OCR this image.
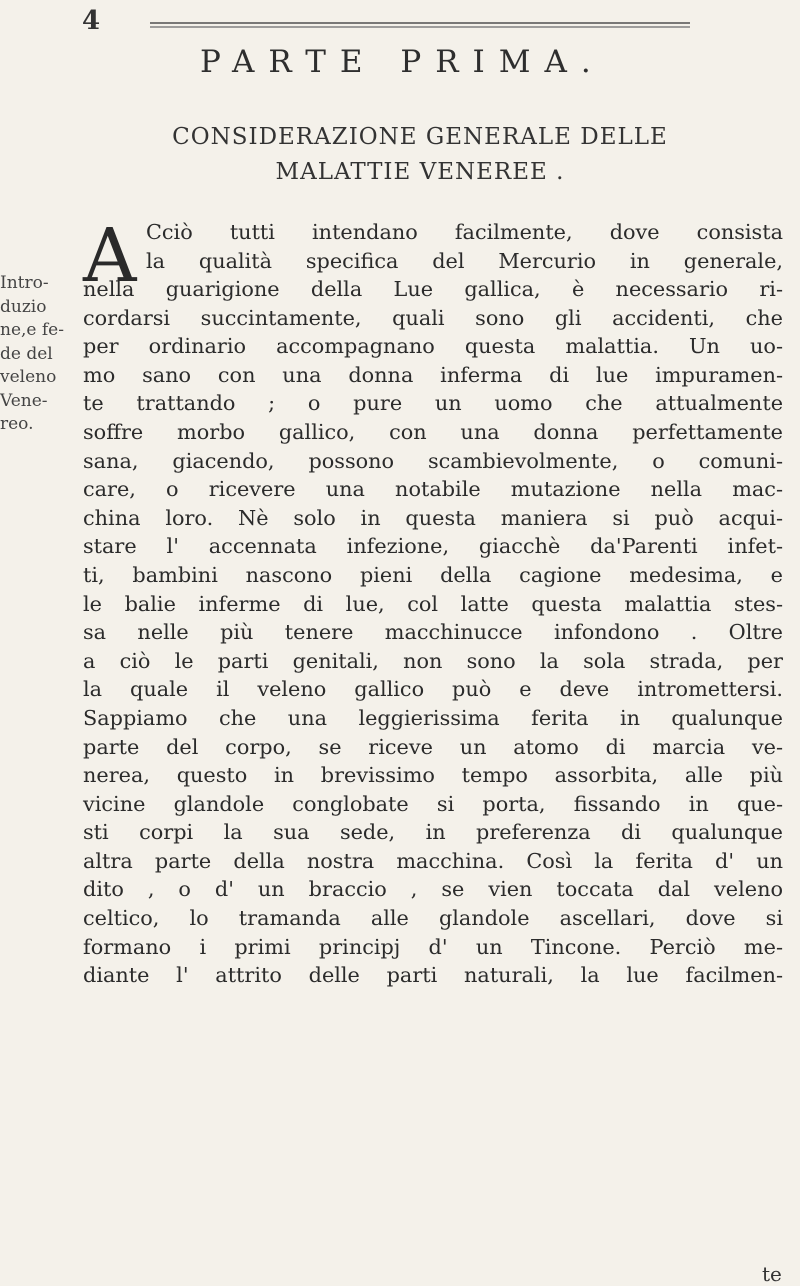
4
PARTE PRIMA.
CONSIDERAZIONE GENERALE DELLE
MALATTIE VENEREE .
Intro-
duzio
ne,e fe-
de del
veleno
Vene-
reo.
A Cciò tutti intendano facilmente, dove consista
la qualità specifica del Mercurio in generale,
nella guarigione della Lue gallica, è necessario ri-
cordarsi succintamente, quali sono gli accidenti, che
per ordinario accompagnano questa malattia. Un uo-
mo sano con una donna inferma di lue impuramen-
te trattando ; o pure un uomo che attualmente
soffre morbo gallico, con una donna perfettamente
sana, giacendo, possono scambievolmente, o comuni-
care, o ricevere una notabile mutazione nella mac-
china loro. Nè solo in questa maniera si può acqui-
stare l' accennata infezione, giacchè da'Parenti infet-
ti, bambini nascono pieni della cagione medesima, e
le balie inferme di lue, col latte questa malattia stes-
sa nelle più tenere macchinucce infondono . Oltre
a ciò le parti genitali, non sono la sola strada, per
la quale il veleno gallico può e deve intromettersi.
Sappiamo che una leggierissima ferita in qualunque
parte del corpo, se riceve un atomo di marcia ve-
nerea, questo in brevissimo tempo assorbita, alle più
vicine glandole conglobate si porta, fissando in que-
sti corpi la sua sede, in preferenza di qualunque
altra parte della nostra macchina. Così la ferita d' un
dito , o d' un braccio , se vien toccata dal veleno
celtico, lo tramanda alle glandole ascellari, dove si
formano i primi principj d' un Tincone. Perciò me-
diante l' attrito delle parti naturali, la lue facilmen-
te
